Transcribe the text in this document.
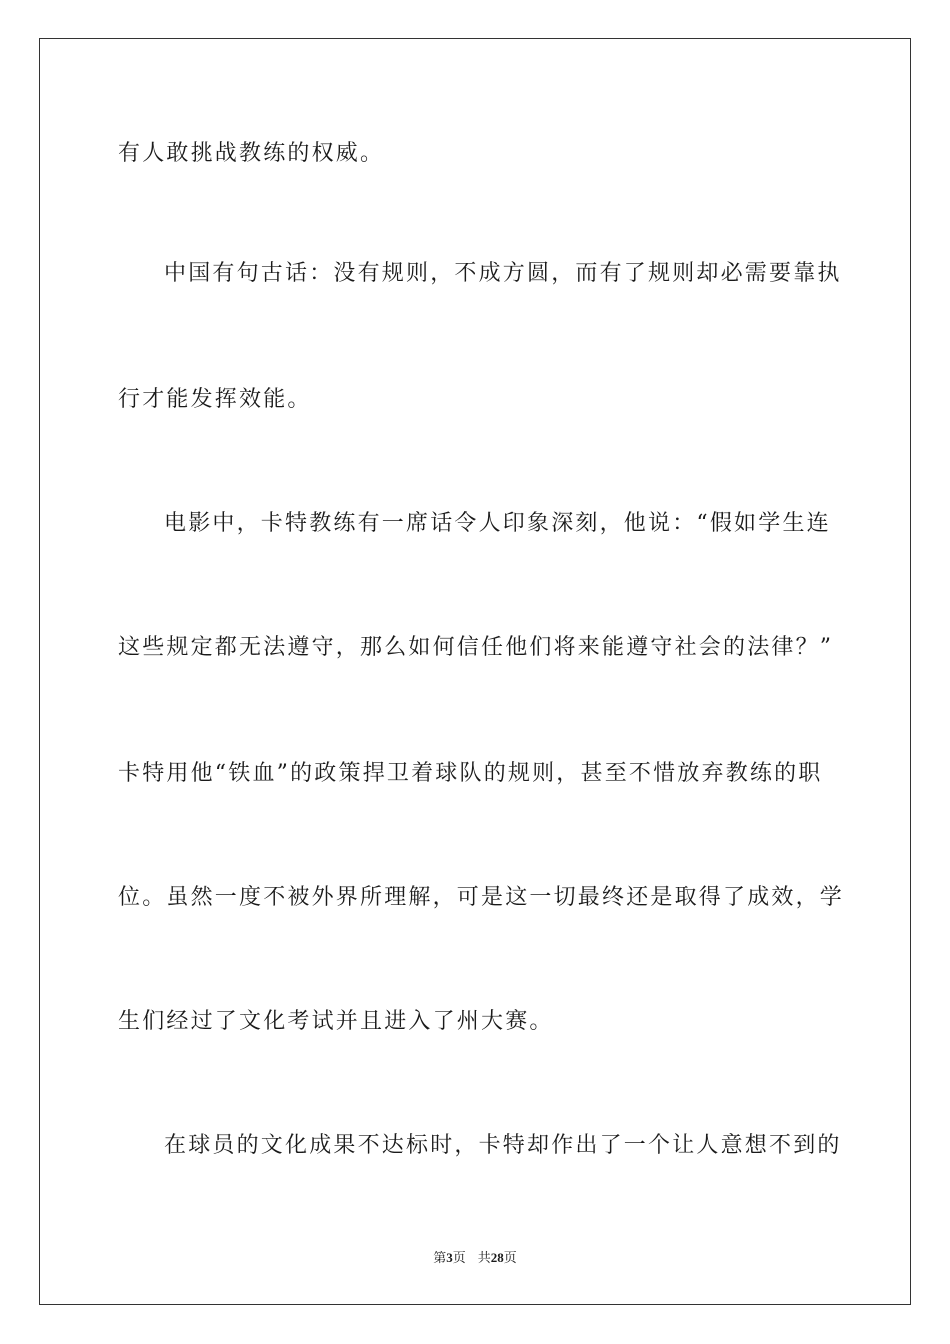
有人敢挑战教练的权威。
中国有句古话：没有规则，不成方圆，而有了规则却必需要靠执
行才能发挥效能。
电影中，卡特教练有一席话令人印象深刻，他说：“假如学生连
这些规定都无法遵守，那么如何信任他们将来能遵守社会的法律？”
卡特用他“铁血”的政策捍卫着球队的规则，甚至不惜放弃教练的职
位。虽然一度不被外界所理解，可是这一切最终还是取得了成效，学
生们经过了文化考试并且进入了州大赛。
在球员的文化成果不达标时，卡特却作出了一个让人意想不到的
第3页 共28页
